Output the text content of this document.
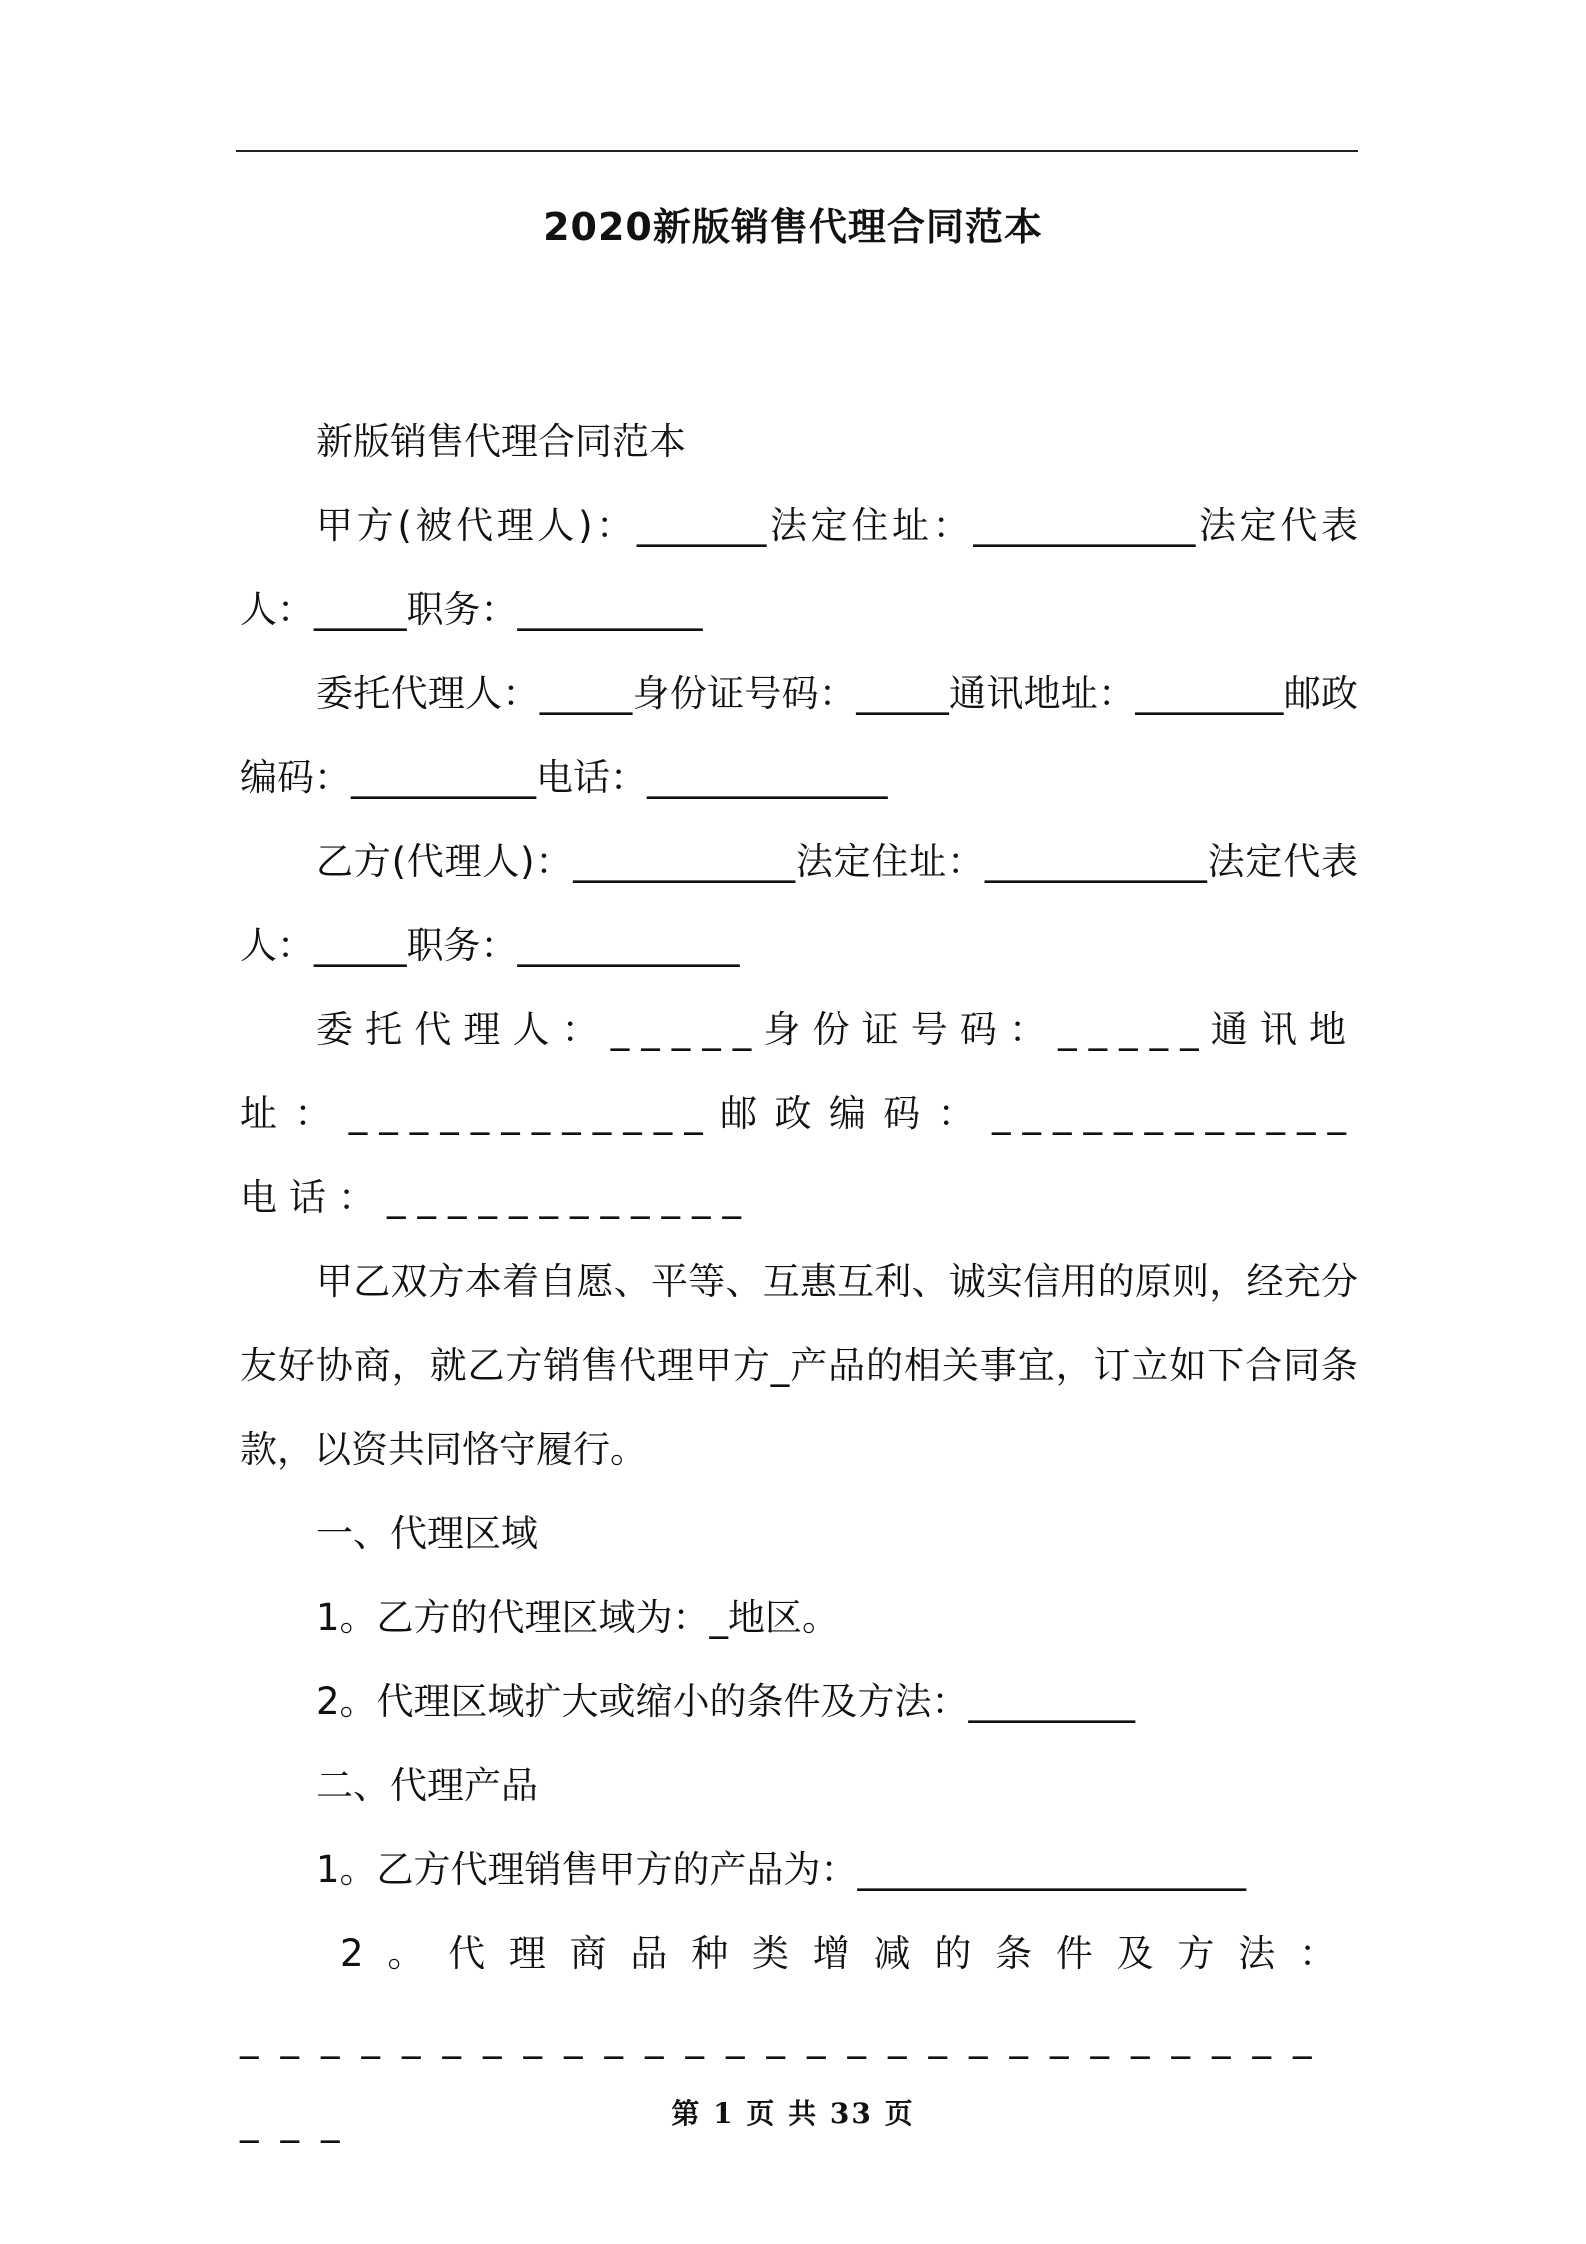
2020新版销售代理合同范本

新版销售代理合同范本

甲方(被代理人)：_______法定住址：____________法定代表人：_____职务：__________

委托代理人：_____身份证号码：_____通讯地址：________邮政编码：__________电话：_____________

乙方(代理人)：____________法定住址：____________法定代表人：_____职务：____________

委托代理人：_____身份证号码：_____通讯地址：____________邮政编码：____________电话：____________

甲乙双方本着自愿、平等、互惠互利、诚实信用的原则，经充分友好协商，就乙方销售代理甲方_产品的相关事宜，订立如下合同条款，以资共同恪守履行。

一、代理区域

1。乙方的代理区域为：_地区。

2。代理区域扩大或缩小的条件及方法：_________

二、代理产品

1。乙方代理销售甲方的产品为：_____________________

2。代理商品种类增减的条件及方法：______________________________	第 1 页 共 33 页
